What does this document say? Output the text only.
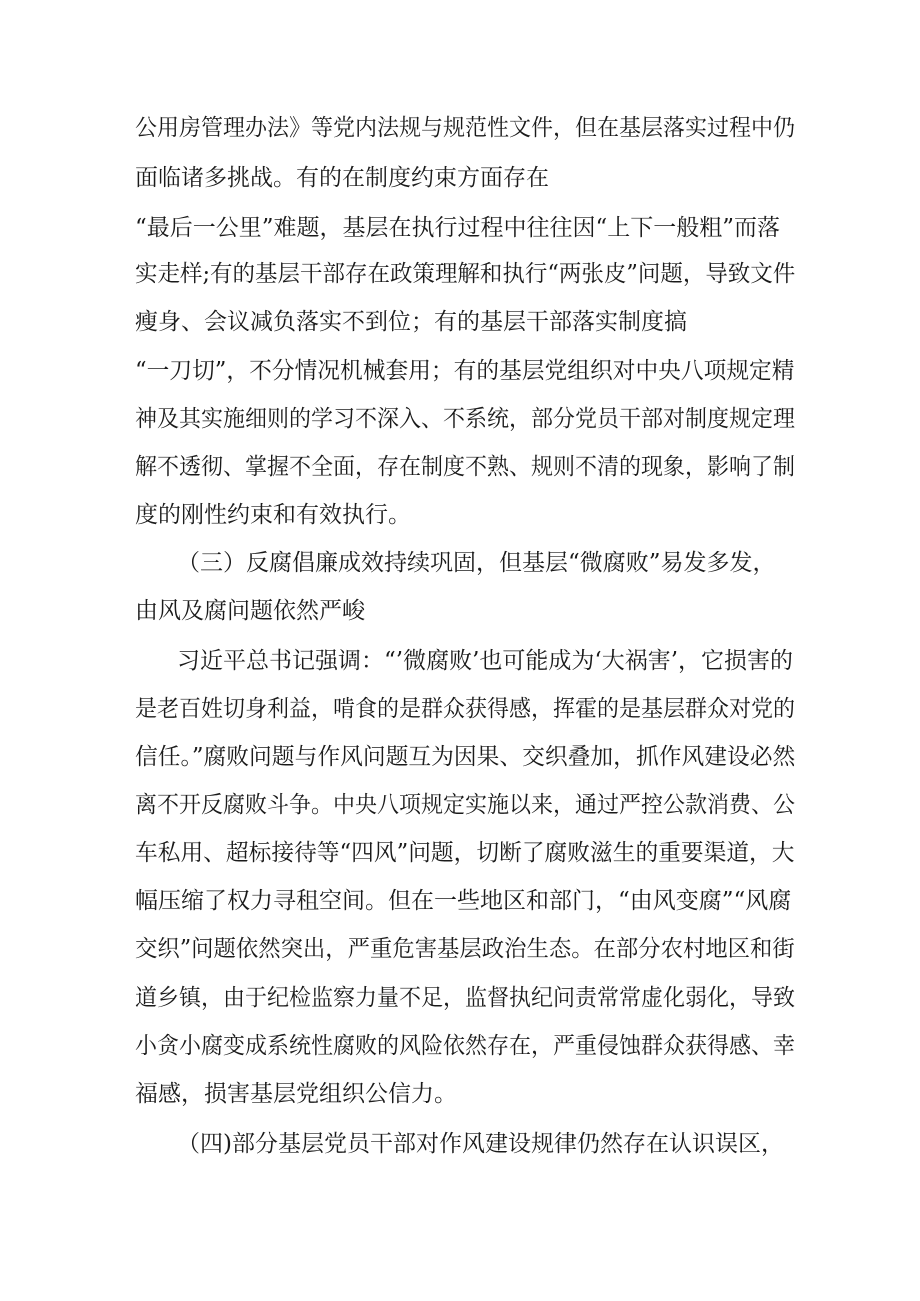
公用房管理办法》等党内法规与规范性文件，但在基层落实过程中仍
面临诸多挑战。有的在制度约束方面存在
“最后一公里”难题，基层在执行过程中往往因“上下一般粗”而落
实走样;有的基层干部存在政策理解和执行“两张皮”问题，导致文件
瘦身、会议减负落实不到位；有的基层干部落实制度搞
“一刀切”，不分情况机械套用；有的基层党组织对中央八项规定精
神及其实施细则的学习不深入、不系统，部分党员干部对制度规定理
解不透彻、掌握不全面，存在制度不熟、规则不清的现象，影响了制
度的刚性约束和有效执行。
（三）反腐倡廉成效持续巩固，但基层“微腐败”易发多发，
由风及腐问题依然严峻
习近平总书记强调：“’微腐败’也可能成为‘大祸害’，它损害的
是老百姓切身利益，啃食的是群众获得感，挥霍的是基层群众对党的
信任。”腐败问题与作风问题互为因果、交织叠加，抓作风建设必然
离不开反腐败斗争。中央八项规定实施以来，通过严控公款消费、公
车私用、超标接待等“四风”问题，切断了腐败滋生的重要渠道，大
幅压缩了权力寻租空间。但在一些地区和部门，“由风变腐”“风腐
交织”问题依然突出，严重危害基层政治生态。在部分农村地区和街
道乡镇，由于纪检监察力量不足，监督执纪问责常常虚化弱化，导致
小贪小腐变成系统性腐败的风险依然存在，严重侵蚀群众获得感、幸
福感，损害基层党组织公信力。
（四)部分基层党员干部对作风建设规律仍然存在认识误区，
